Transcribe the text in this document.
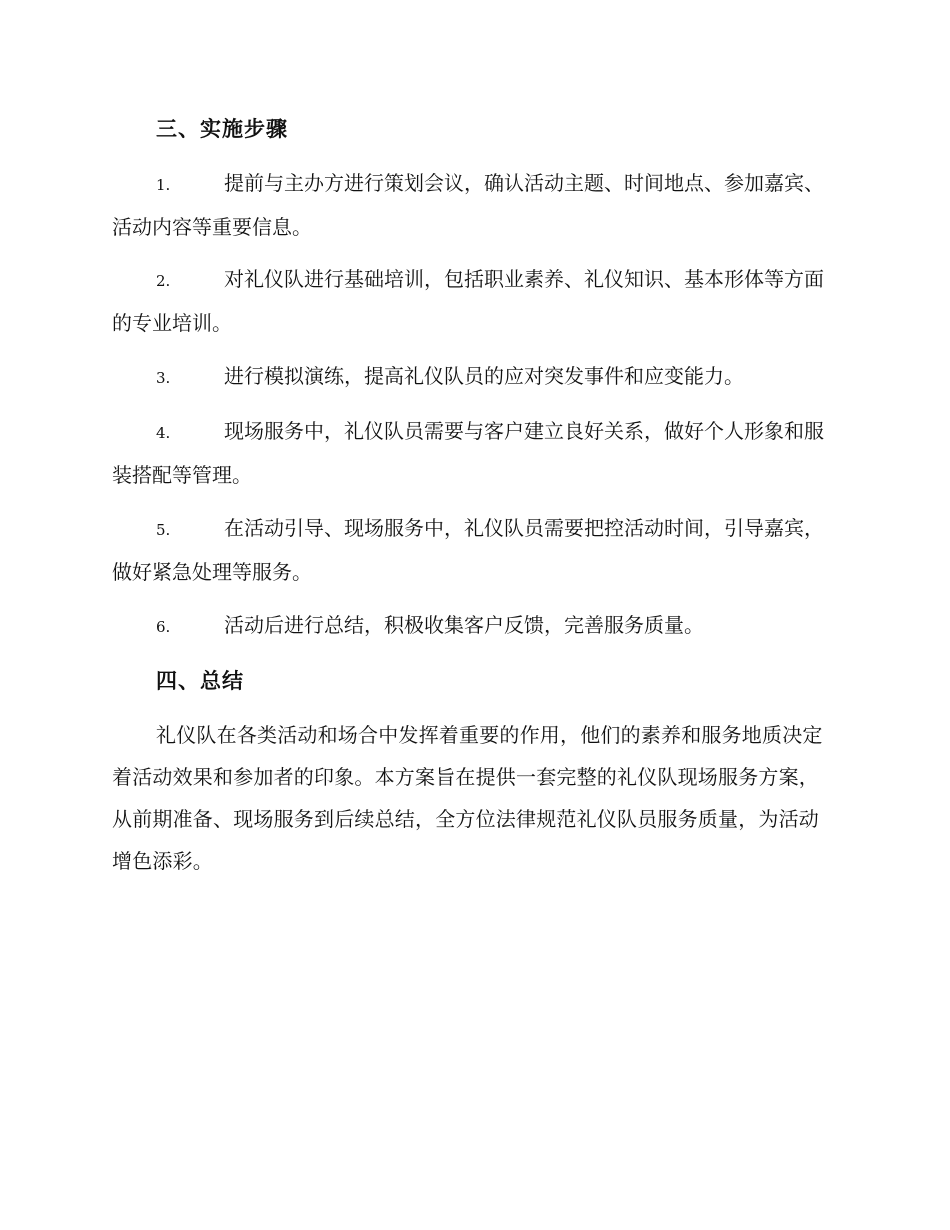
三、实施步骤

1.	提前与主办方进行策划会议，确认活动主题、时间地点、参加嘉宾、活动内容等重要信息。

2.	对礼仪队进行基础培训，包括职业素养、礼仪知识、基本形体等方面的专业培训。

3.	进行模拟演练，提高礼仪队员的应对突发事件和应变能力。

4.	现场服务中，礼仪队员需要与客户建立良好关系，做好个人形象和服装搭配等管理。

5.	在活动引导、现场服务中，礼仪队员需要把控活动时间，引导嘉宾，做好紧急处理等服务。

6.	活动后进行总结，积极收集客户反馈，完善服务质量。

四、总结

礼仪队在各类活动和场合中发挥着重要的作用，他们的素养和服务地质决定着活动效果和参加者的印象。本方案旨在提供一套完整的礼仪队现场服务方案，从前期准备、现场服务到后续总结，全方位法律规范礼仪队员服务质量，为活动增色添彩。
